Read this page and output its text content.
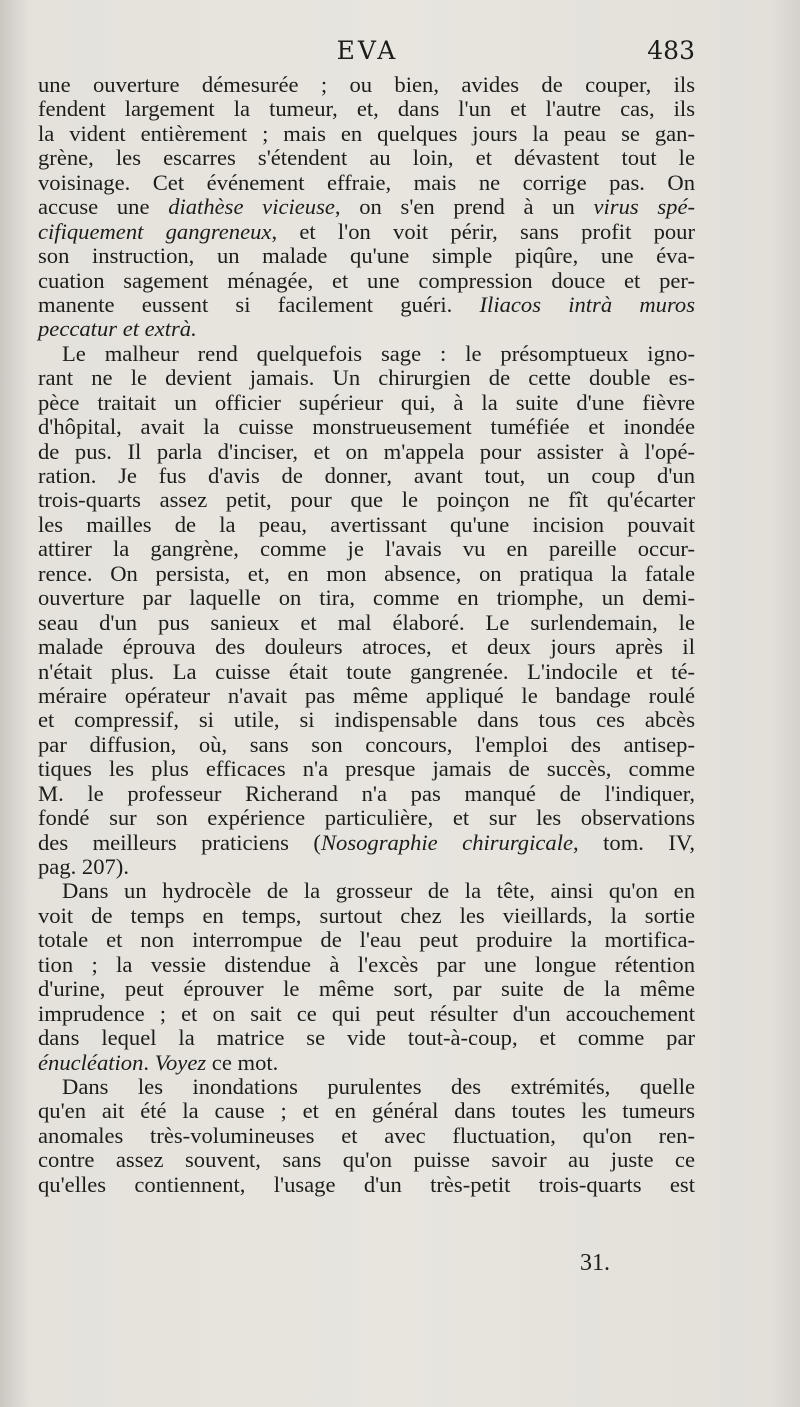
EVA	483
une ouverture démesurée ; ou bien, avides de couper, ils
fendent largement la tumeur, et, dans l'un et l'autre cas, ils
la vident entièrement ; mais en quelques jours la peau se gan-
grène, les escarres s'étendent au loin, et dévastent tout le
voisinage. Cet événement effraie, mais ne corrige pas. On
accuse une diathèse vicieuse, on s'en prend à un virus spé-
cifiquement gangreneux, et l'on voit périr, sans profit pour
son instruction, un malade qu'une simple piqûre, une éva-
cuation sagement ménagée, et une compression douce et per-
manente eussent si facilement guéri. Iliacos intrà muros
peccatur et extrà.
Le malheur rend quelquefois sage : le présomptueux igno-
rant ne le devient jamais. Un chirurgien de cette double es-
pèce traitait un officier supérieur qui, à la suite d'une fièvre
d'hôpital, avait la cuisse monstrueusement tuméfiée et inondée
de pus. Il parla d'inciser, et on m'appela pour assister à l'opé-
ration. Je fus d'avis de donner, avant tout, un coup d'un
trois-quarts assez petit, pour que le poinçon ne fît qu'écarter
les mailles de la peau, avertissant qu'une incision pouvait
attirer la gangrène, comme je l'avais vu en pareille occur-
rence. On persista, et, en mon absence, on pratiqua la fatale
ouverture par laquelle on tira, comme en triomphe, un demi-
seau d'un pus sanieux et mal élaboré. Le surlendemain, le
malade éprouva des douleurs atroces, et deux jours après il
n'était plus. La cuisse était toute gangrenée. L'indocile et té-
méraire opérateur n'avait pas même appliqué le bandage roulé
et compressif, si utile, si indispensable dans tous ces abcès
par diffusion, où, sans son concours, l'emploi des antisep-
tiques les plus efficaces n'a presque jamais de succès, comme
M. le professeur Richerand n'a pas manqué de l'indiquer,
fondé sur son expérience particulière, et sur les observations
des meilleurs praticiens (Nosographie chirurgicale, tom. IV,
pag. 207).
Dans un hydrocèle de la grosseur de la tête, ainsi qu'on en
voit de temps en temps, surtout chez les vieillards, la sortie
totale et non interrompue de l'eau peut produire la mortifica-
tion ; la vessie distendue à l'excès par une longue rétention
d'urine, peut éprouver le même sort, par suite de la même
imprudence ; et on sait ce qui peut résulter d'un accouchement
dans lequel la matrice se vide tout-à-coup, et comme par
énucléation. Voyez ce mot.
Dans les inondations purulentes des extrémités, quelle
qu'en ait été la cause ; et en général dans toutes les tumeurs
anomales très-volumineuses et avec fluctuation, qu'on ren-
contre assez souvent, sans qu'on puisse savoir au juste ce
qu'elles contiennent, l'usage d'un très-petit trois-quarts est
31.
